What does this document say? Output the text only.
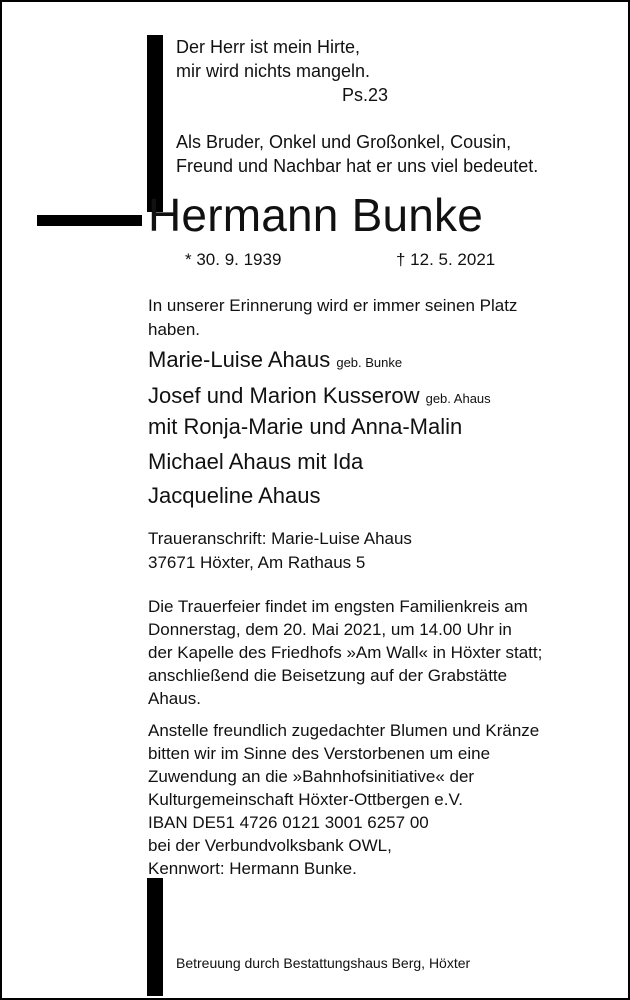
Der Herr ist mein Hirte,
mir wird nichts mangeln.
Ps.23
Als Bruder, Onkel und Großonkel, Cousin,
Freund und Nachbar hat er uns viel bedeutet.
Hermann Bunke
* 30. 9. 1939	† 12. 5. 2021
In unserer Erinnerung wird er immer seinen Platz
haben.
Marie-Luise Ahaus geb. Bunke
Josef und Marion Kusserow geb. Ahaus
mit Ronja-Marie und Anna-Malin
Michael Ahaus mit Ida
Jacqueline Ahaus
Traueranschrift: Marie-Luise Ahaus
37671 Höxter, Am Rathaus 5
Die Trauerfeier findet im engsten Familienkreis am
Donnerstag, dem 20. Mai 2021, um 14.00 Uhr in
der Kapelle des Friedhofs »Am Wall« in Höxter statt;
anschließend die Beisetzung auf der Grabstätte
Ahaus.
Anstelle freundlich zugedachter Blumen und Kränze
bitten wir im Sinne des Verstorbenen um eine
Zuwendung an die »Bahnhofsinitiative« der
Kulturgemeinschaft Höxter-Ottbergen e.V.
IBAN DE51 4726 0121 3001 6257 00
bei der Verbundvolksbank OWL,
Kennwort: Hermann Bunke.
Betreuung durch Bestattungshaus Berg, Höxter
